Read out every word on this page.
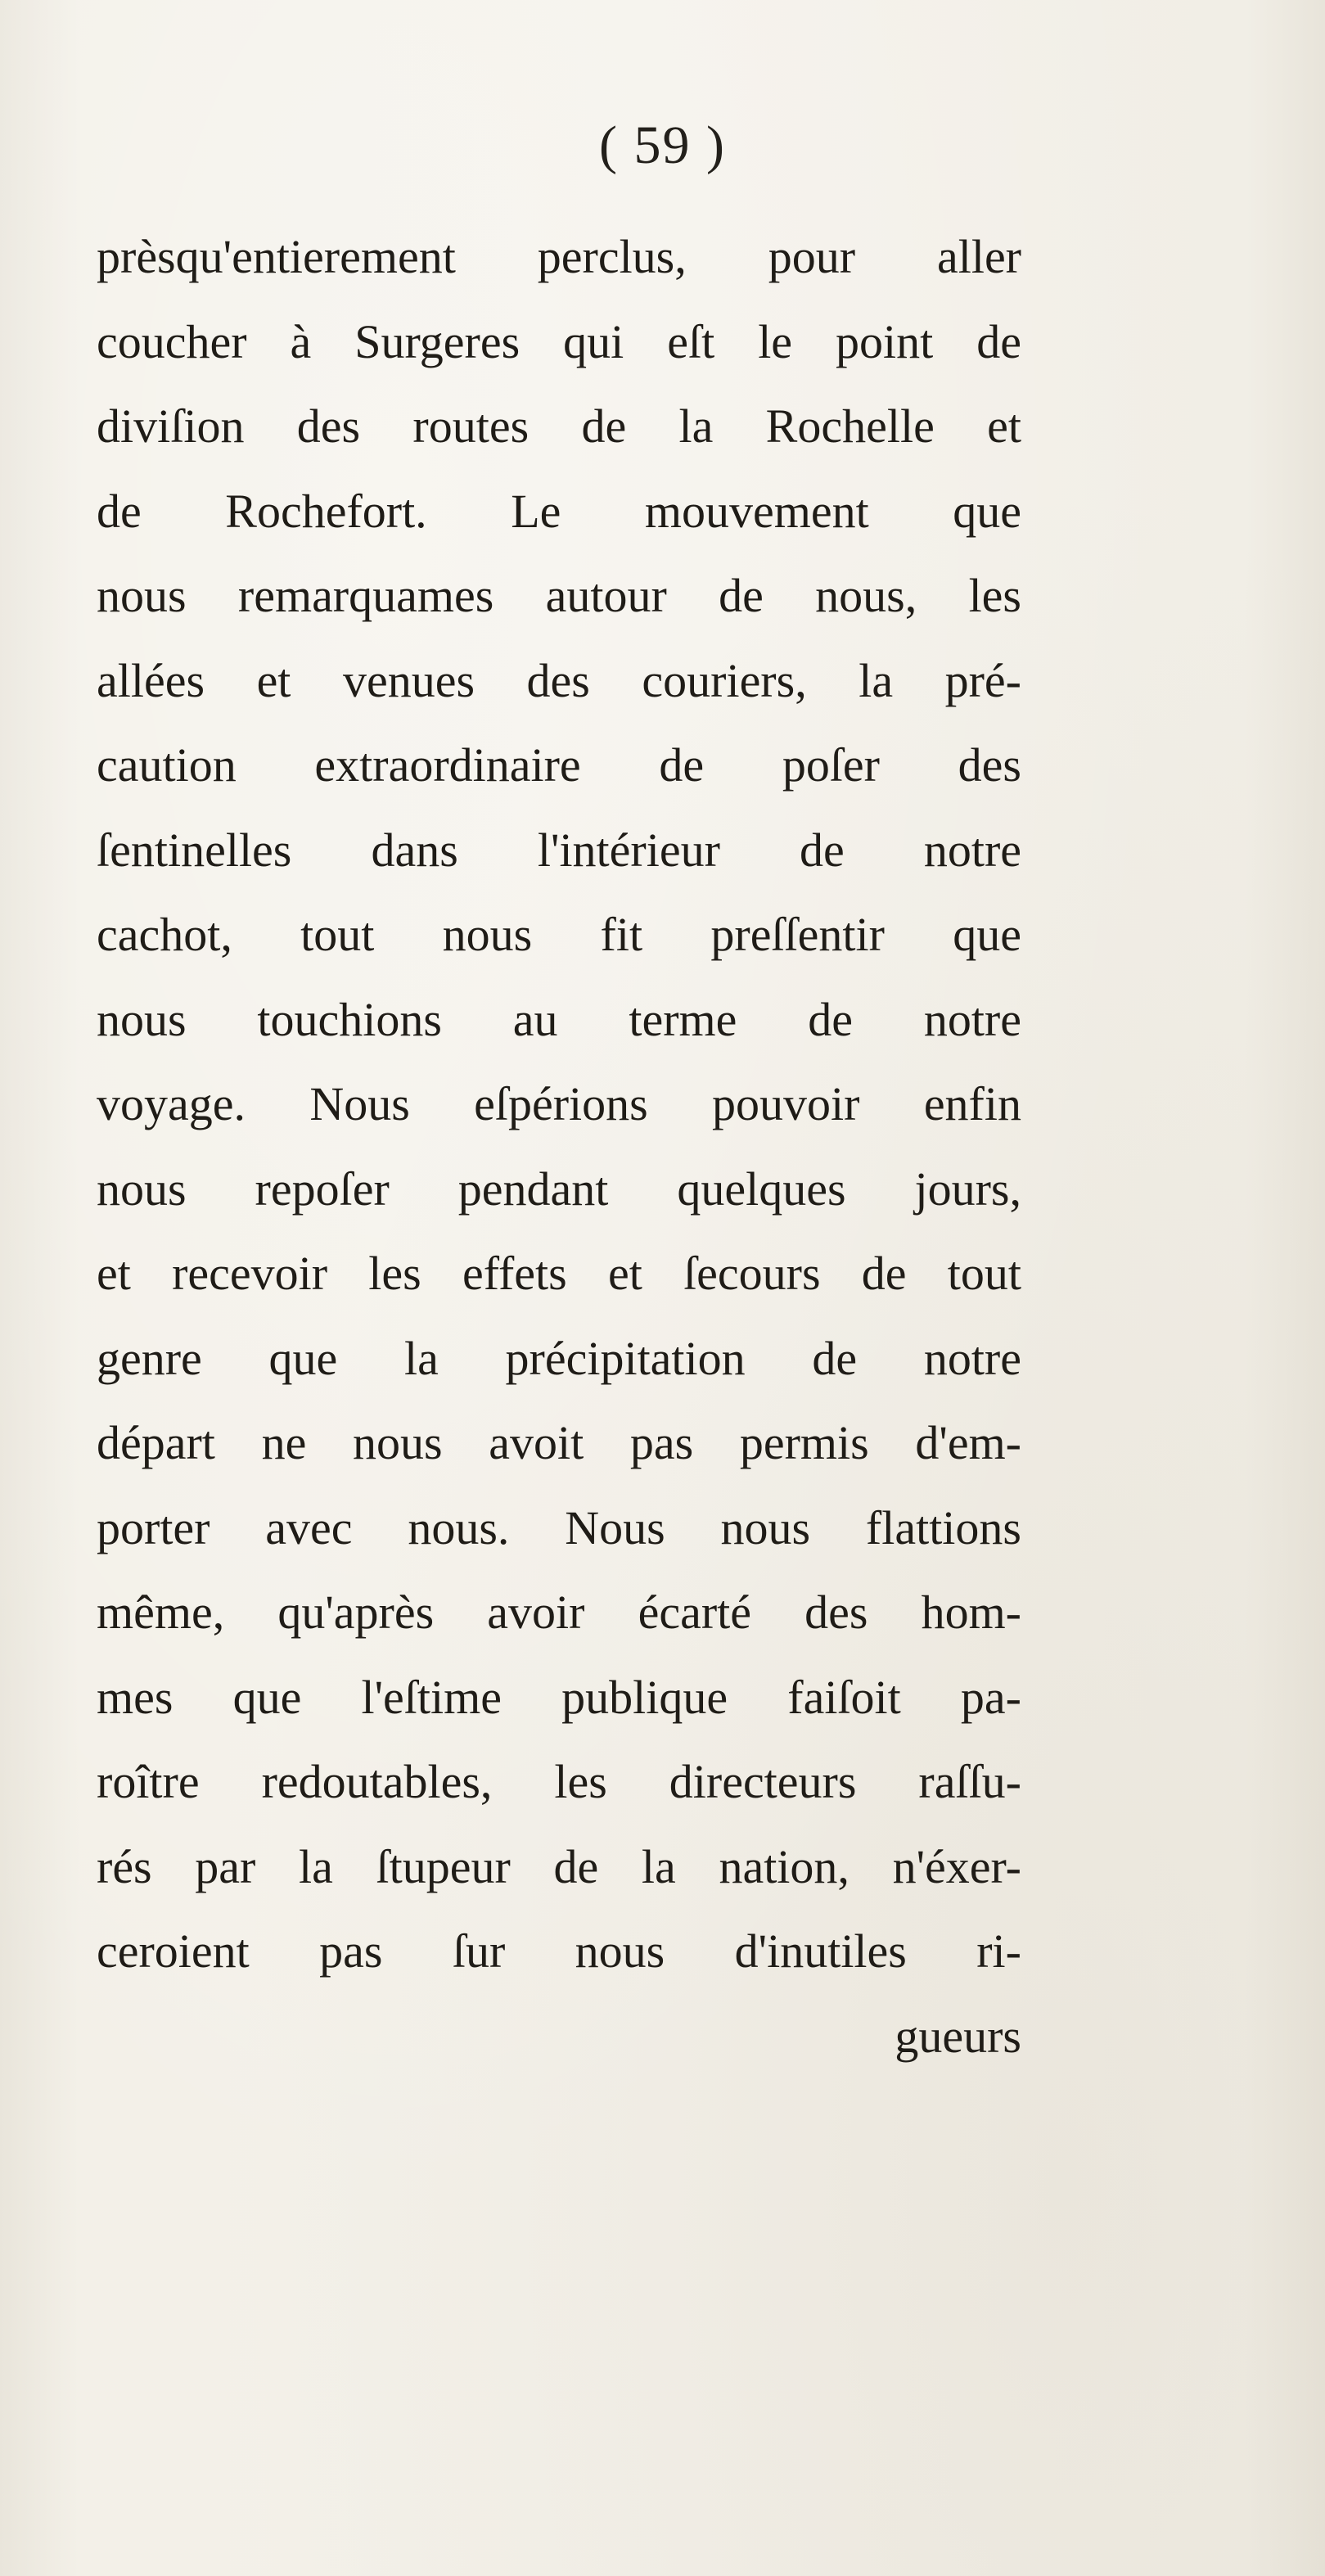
( 59 )
prèsqu'entierement perclus, pour aller
coucher à Surgeres qui eſt le point de
diviſion des routes de la Rochelle et
de Rochefort. Le mouvement que
nous remarquames autour de nous, les
allées et venues des couriers, la pré-
caution extraordinaire de poſer des
ſentinelles dans l'intérieur de notre
cachot, tout nous fit preſſentir que
nous touchions au terme de notre
voyage. Nous eſpérions pouvoir enfin
nous repoſer pendant quelques jours,
et recevoir les effets et ſecours de tout
genre que la précipitation de notre
départ ne nous avoit pas permis d'em-
porter avec nous. Nous nous flattions
même, qu'après avoir écarté des hom-
mes que l'eſtime publique faiſoit pa-
roître redoutables, les directeurs raſſu-
rés par la ſtupeur de la nation, n'éxer-
ceroient pas ſur nous d'inutiles ri-
gueurs
